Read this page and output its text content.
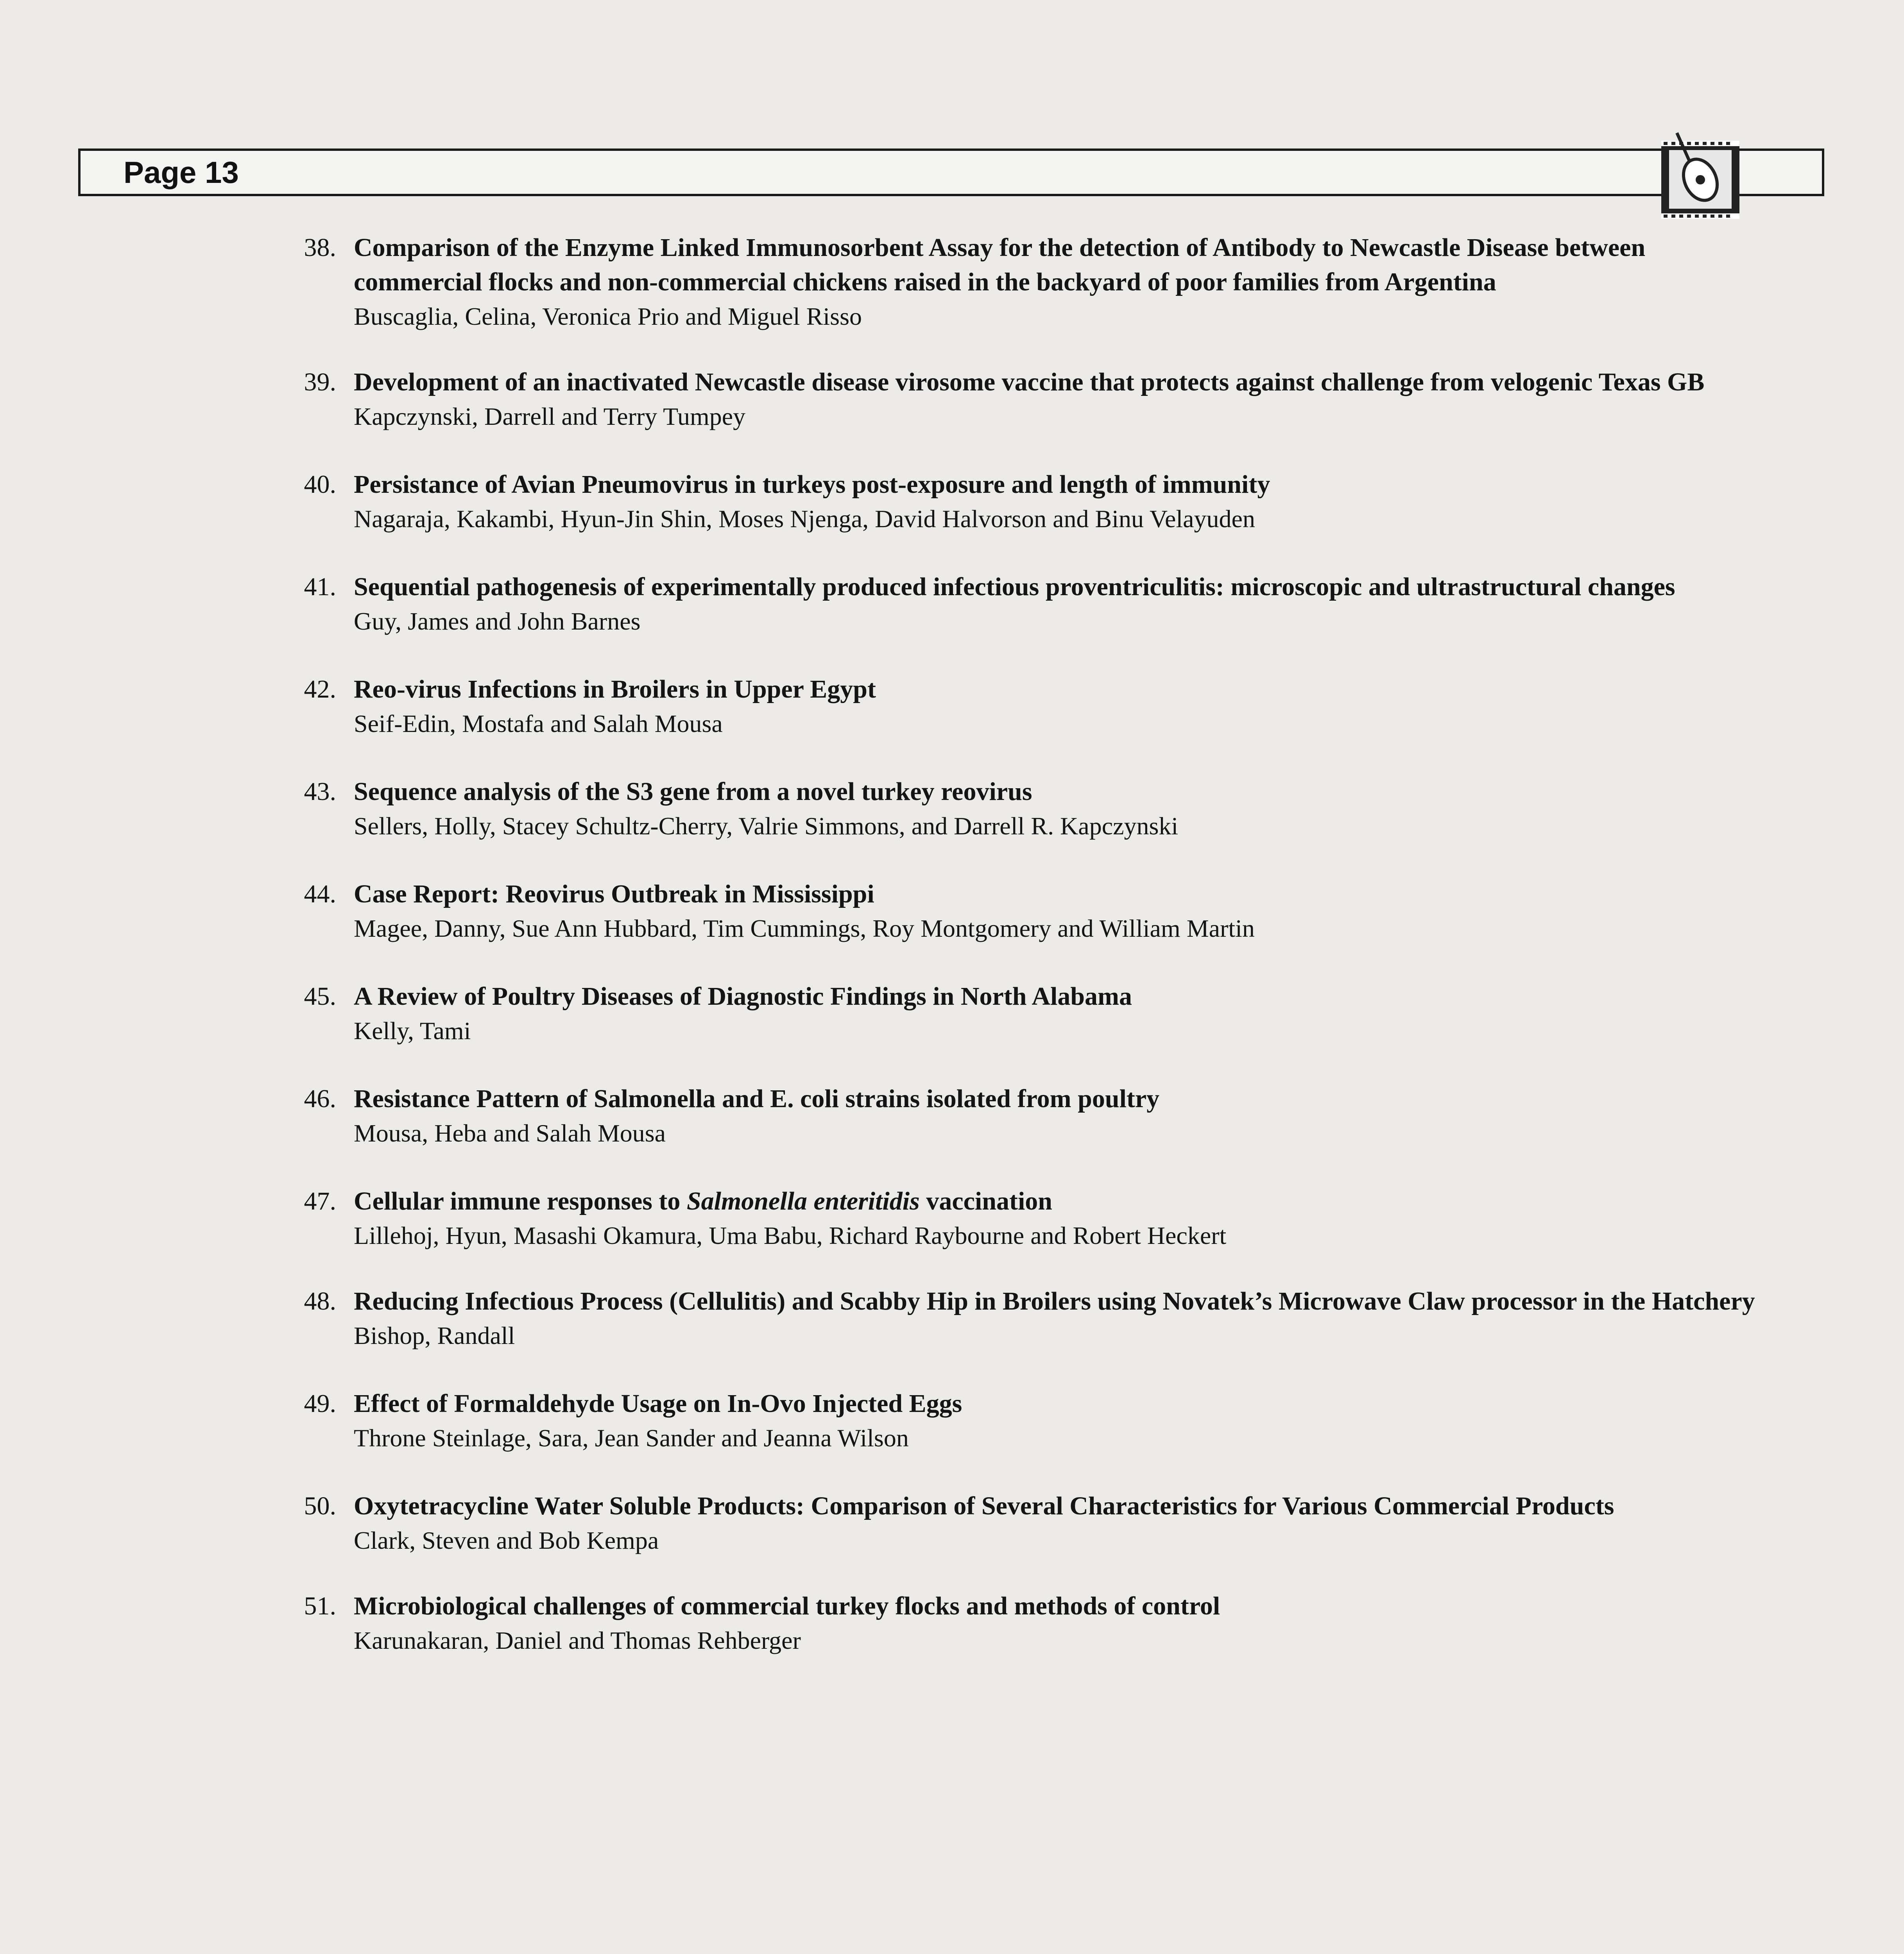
Page 13
38. Comparison of the Enzyme Linked Immunosorbent Assay for the detection of Antibody to Newcastle Disease between commercial flocks and non-commercial chickens raised in the backyard of poor families from Argentina
Buscaglia, Celina, Veronica Prio and Miguel Risso
39. Development of an inactivated Newcastle disease virosome vaccine that protects against challenge from velogenic Texas GB
Kapczynski, Darrell and Terry Tumpey
40. Persistance of Avian Pneumovirus in turkeys post-exposure and length of immunity
Nagaraja, Kakambi, Hyun-Jin Shin, Moses Njenga, David Halvorson and Binu Velayuden
41. Sequential pathogenesis of experimentally produced infectious proventriculitis: microscopic and ultrastructural changes
Guy, James and John Barnes
42. Reo-virus Infections in Broilers in Upper Egypt
Seif-Edin, Mostafa and Salah Mousa
43. Sequence analysis of the S3 gene from a novel turkey reovirus
Sellers, Holly, Stacey Schultz-Cherry, Valrie Simmons, and Darrell R. Kapczynski
44. Case Report: Reovirus Outbreak in Mississippi
Magee, Danny, Sue Ann Hubbard, Tim Cummings, Roy Montgomery and William Martin
45. A Review of Poultry Diseases of Diagnostic Findings in North Alabama
Kelly, Tami
46. Resistance Pattern of Salmonella and E. coli strains isolated from poultry
Mousa, Heba and Salah Mousa
47. Cellular immune responses to Salmonella enteritidis vaccination
Lillehoj, Hyun, Masashi Okamura, Uma Babu, Richard Raybourne and Robert Heckert
48. Reducing Infectious Process (Cellulitis) and Scabby Hip in Broilers using Novatek’s Microwave Claw processor in the Hatchery
Bishop, Randall
49. Effect of Formaldehyde Usage on In-Ovo Injected Eggs
Throne Steinlage, Sara, Jean Sander and Jeanna Wilson
50. Oxytetracycline Water Soluble Products: Comparison of Several Characteristics for Various Commercial Products
Clark, Steven and Bob Kempa
51. Microbiological challenges of commercial turkey flocks and methods of control
Karunakaran, Daniel and Thomas Rehberger
